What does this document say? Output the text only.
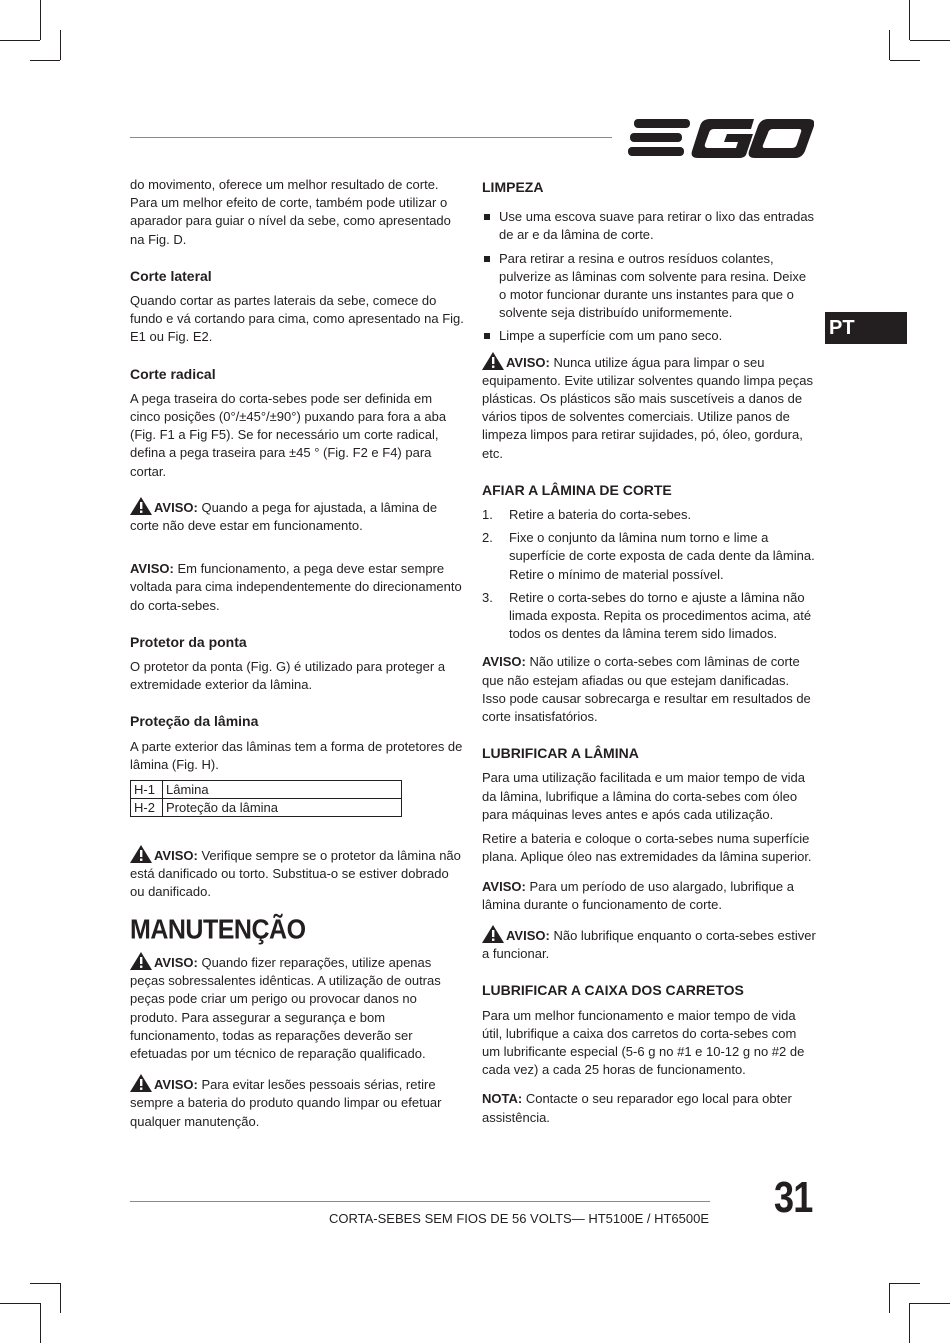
PT

do movimento, oferece um melhor resultado de corte. Para um melhor efeito de corte, também pode utilizar o aparador para guiar o nível da sebe, como apresentado na Fig. D.

Corte lateral

Quando cortar as partes laterais da sebe, comece do fundo e vá cortando para cima, como apresentado na Fig. E1 ou Fig. E2.

Corte radical

A pega traseira do corta-sebes pode ser definida em cinco posições (0°/±45°/±90°) puxando para fora a aba (Fig. F1 a Fig F5). Se for necessário um corte radical, defina a pega traseira para ±45 ° (Fig. F2 e F4) para cortar.

AVISO: Quando a pega for ajustada, a lâmina de corte não deve estar em funcionamento.

AVISO: Em funcionamento, a pega deve estar sempre voltada para cima independentemente do direcionamento do corta-sebes.

Protetor da ponta

O protetor da ponta (Fig. G) é utilizado para proteger a extremidade exterior da lâmina.

Proteção da lâmina

A parte exterior das lâminas tem a forma de protetores de lâmina (Fig. H).

H-1	Lâmina
H-2	Proteção da lâmina

AVISO: Verifique sempre se o protetor da lâmina não está danificado ou torto. Substitua-o se estiver dobrado ou danificado.

MANUTENÇÃO

AVISO: Quando fizer reparações, utilize apenas peças sobressalentes idênticas. A utilização de outras peças pode criar um perigo ou provocar danos no produto. Para assegurar a segurança e bom funcionamento, todas as reparações deverão ser efetuadas por um técnico de reparação qualificado.

AVISO: Para evitar lesões pessoais sérias, retire sempre a bateria do produto quando limpar ou efetuar qualquer manutenção.

LIMPEZA
Use uma escova suave para retirar o lixo das entradas de ar e da lâmina de corte.
Para retirar a resina e outros resíduos colantes, pulverize as lâminas com solvente para resina. Deixe o motor funcionar durante uns instantes para que o solvente seja distribuído uniformemente.
Limpe a superfície com um pano seco.

AVISO: Nunca utilize água para limpar o seu equipamento. Evite utilizar solventes quando limpa peças plásticas. Os plásticos são mais suscetíveis a danos de vários tipos de solventes comerciais. Utilize panos de limpeza limpos para retirar sujidades, pó, óleo, gordura, etc.

AFIAR A LÂMINA DE CORTE
1. Retire a bateria do corta-sebes.
2. Fixe o conjunto da lâmina num torno e lime a superfície de corte exposta de cada dente da lâmina. Retire o mínimo de material possível.
3. Retire o corta-sebes do torno e ajuste a lâmina não limada exposta. Repita os procedimentos acima, até todos os dentes da lâmina terem sido limados.

AVISO: Não utilize o corta-sebes com lâminas de corte que não estejam afiadas ou que estejam danificadas. Isso pode causar sobrecarga e resultar em resultados de corte insatisfatórios.

LUBRIFICAR A LÂMINA

Para uma utilização facilitada e um maior tempo de vida da lâmina, lubrifique a lâmina do corta-sebes com óleo para máquinas leves antes e após cada utilização.

Retire a bateria e coloque o corta-sebes numa superfície plana. Aplique óleo nas extremidades da lâmina superior.

AVISO: Para um período de uso alargado, lubrifique a lâmina durante o funcionamento de corte.

AVISO: Não lubrifique enquanto o corta-sebes estiver a funcionar.

LUBRIFICAR A CAIXA DOS CARRETOS

Para um melhor funcionamento e maior tempo de vida útil, lubrifique a caixa dos carretos do corta-sebes com um lubrificante especial (5-6 g no #1 e 10-12 g no #2 de cada vez) a cada 25 horas de funcionamento.

NOTA: Contacte o seu reparador ego local para obter assistência.

CORTA-SEBES SEM FIOS DE 56 VOLTS— HT5100E / HT6500E 31
